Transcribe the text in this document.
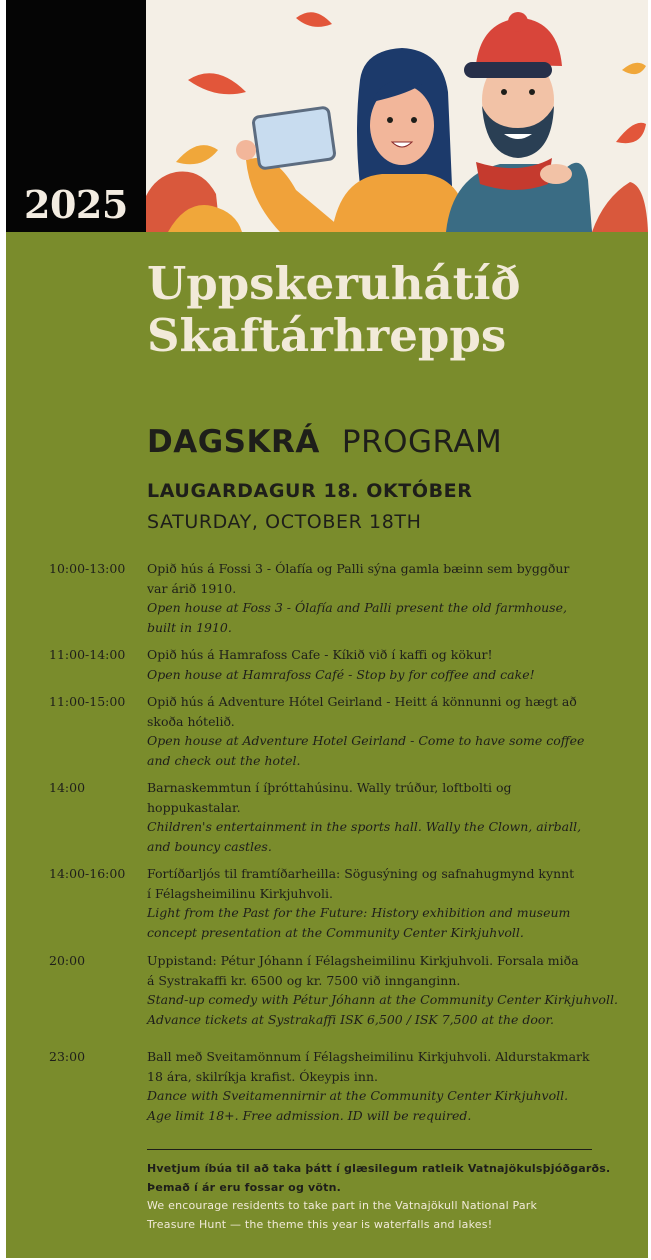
2025
Uppskeruhátíð
Skaftárhrepps
DAGSKRÁ PROGRAM
LAUGARDAGUR 18. OKTÓBER
SATURDAY, OCTOBER 18TH
10:00-13:00 Opið hús á Fossi 3 - Ólafía og Palli sýna gamla bæinn sem byggður
var árið 1910.
Open house at Foss 3 - Ólafía and Palli present the old farmhouse,
built in 1910.
11:00-14:00 Opið hús á Hamrafoss Cafe - Kíkið við í kaffi og kökur!
Open house at Hamrafoss Café - Stop by for coffee and cake!
11:00-15:00 Opið hús á Adventure Hótel Geirland - Heitt á könnunni og hægt að
skoða hótelið.
Open house at Adventure Hotel Geirland - Come to have some coffee
and check out the hotel.
14:00	Barnaskemmtun í íþróttahúsinu. Wally trúður, loftbolti og
hoppukastalar.
Children's entertainment in the sports hall. Wally the Clown, airball,
and bouncy castles.
14:00-16:00 Fortíðarljós til framtíðarheilla: Sögusýning og safnahugmynd kynnt
í Félagsheimilinu Kirkjuhvoli.
Light from the Past for the Future: History exhibition and museum
concept presentation at the Community Center Kirkjuhvoll.
20:00	Uppistand: Pétur Jóhann í Félagsheimilinu Kirkjuhvoli. Forsala miða
á Systrakaffi kr. 6500 og kr. 7500 við innganginn.
Stand-up comedy with Pétur Jóhann at the Community Center Kirkjuhvoll.
Advance tickets at Systrakaffi ISK 6,500 / ISK 7,500 at the door.
23:00	Ball með Sveitamönnum í Félagsheimilinu Kirkjuhvoli. Aldurstakmark
18 ára, skilríkja krafist. Ókeypis inn.
Dance with Sveitamennirnir at the Community Center Kirkjuhvoll.
Age limit 18+. Free admission. ID will be required.
Hvetjum íbúa til að taka þátt í glæsilegum ratleik Vatnajökulsþjóðgarðs.
Þemað í ár eru fossar og vötn.
We encourage residents to take part in the Vatnajökull National Park
Treasure Hunt — the theme this year is waterfalls and lakes!
